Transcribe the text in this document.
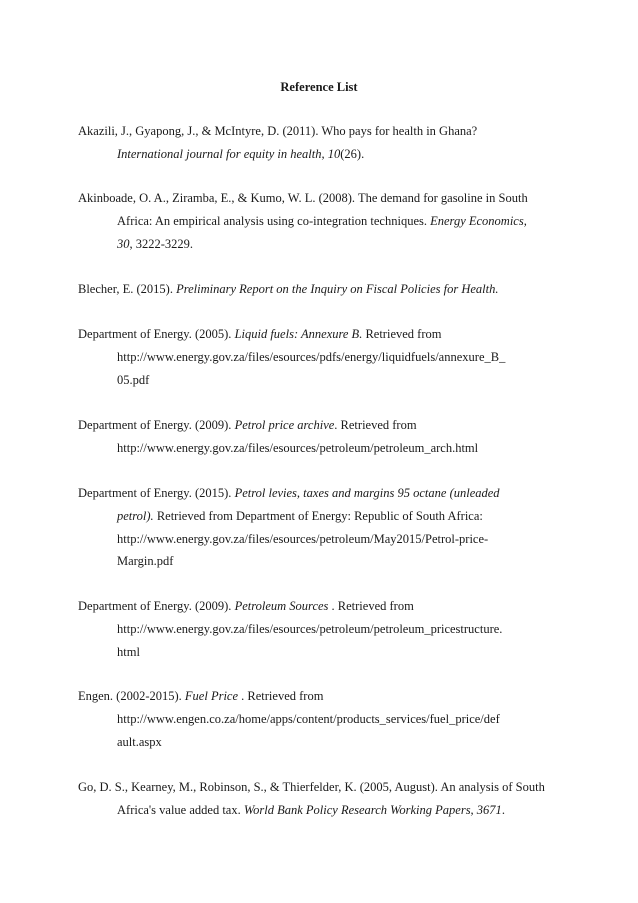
Reference List
Akazili, J., Gyapong, J., & McIntyre, D. (2011). Who pays for health in Ghana?
International journal for equity in health, 10(26).
Akinboade, O. A., Ziramba, E., & Kumo, W. L. (2008). The demand for gasoline in South
Africa: An empirical analysis using co-integration techniques. Energy Economics,
30, 3222-3229.
Blecher, E. (2015). Preliminary Report on the Inquiry on Fiscal Policies for Health.
Department of Energy. (2005). Liquid fuels: Annexure B. Retrieved from
http://www.energy.gov.za/files/esources/pdfs/energy/liquidfuels/annexure_B_
05.pdf
Department of Energy. (2009). Petrol price archive. Retrieved from
http://www.energy.gov.za/files/esources/petroleum/petroleum_arch.html
Department of Energy. (2015). Petrol levies, taxes and margins 95 octane (unleaded
petrol). Retrieved from Department of Energy: Republic of South Africa:
http://www.energy.gov.za/files/esources/petroleum/May2015/Petrol-price-
Margin.pdf
Department of Energy. (2009). Petroleum Sources . Retrieved from
http://www.energy.gov.za/files/esources/petroleum/petroleum_pricestructure.
html
Engen. (2002-2015). Fuel Price . Retrieved from
http://www.engen.co.za/home/apps/content/products_services/fuel_price/def
ault.aspx
Go, D. S., Kearney, M., Robinson, S., & Thierfelder, K. (2005, August). An analysis of South
Africa's value added tax. World Bank Policy Research Working Papers, 3671.
